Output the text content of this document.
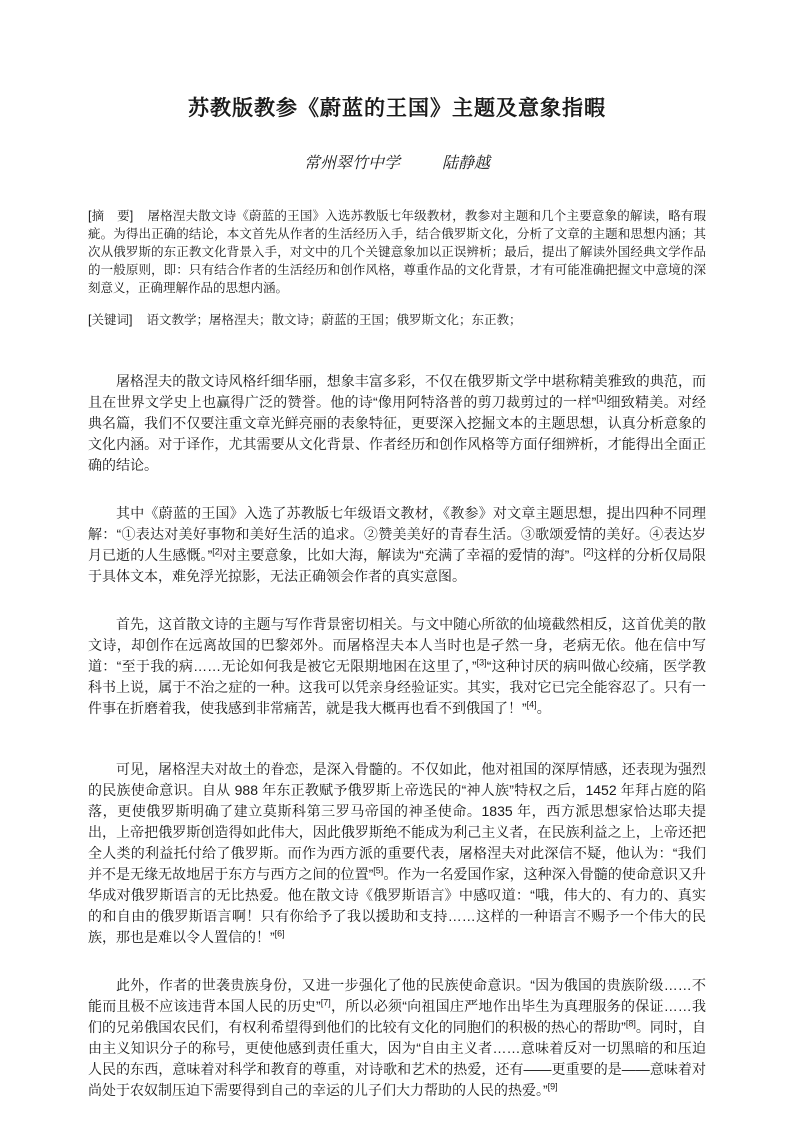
苏教版教参《蔚蓝的王国》主题及意象指暇
常州翠竹中学	陆静越
[摘　要] 屠格涅夫散文诗《蔚蓝的王国》入选苏教版七年级教材，教参对主题和几个主要意象的解读，略有瑕疵。为得出正确的结论，本文首先从作者的生活经历入手，结合俄罗斯文化，分析了文章的主题和思想内涵；其次从俄罗斯的东正教文化背景入手，对文中的几个关键意象加以正误辨析；最后，提出了解读外国经典文学作品的一般原则，即：只有结合作者的生活经历和创作风格，尊重作品的文化背景，才有可能准确把握文中意境的深刻意义，正确理解作品的思想内涵。
[关键词] 语文教学；屠格涅夫；散文诗；蔚蓝的王国；俄罗斯文化；东正教；

屠格涅夫的散文诗风格纤细华丽，想象丰富多彩，不仅在俄罗斯文学中堪称精美雅致的典范，而且在世界文学史上也赢得广泛的赞誉。他的诗“像用阿特洛普的剪刀裁剪过的一样”[1]细致精美。对经典名篇，我们不仅要注重文章光鲜亮丽的表象特征，更要深入挖掘文本的主题思想，认真分析意象的文化内涵。对于译作，尤其需要从文化背景、作者经历和创作风格等方面仔细辨析，才能得出全面正确的结论。

其中《蔚蓝的王国》入选了苏教版七年级语文教材，《教参》对文章主题思想，提出四种不同理解：“①表达对美好事物和美好生活的追求。②赞美美好的青春生活。③歌颂爱情的美好。④表达岁月已逝的人生感慨。”[2]对主要意象，比如大海，解读为“充满了幸福的爱情的海”。[2]这样的分析仅局限于具体文本，难免浮光掠影，无法正确领会作者的真实意图。

首先，这首散文诗的主题与写作背景密切相关。与文中随心所欲的仙境截然相反，这首优美的散文诗，却创作在远离故国的巴黎郊外。而屠格涅夫本人当时也是孑然一身，老病无依。他在信中写道：“至于我的病……无论如何我是被它无限期地困在这里了，”[3]“这种讨厌的病叫做心绞痛，医学教科书上说，属于不治之症的一种。这我可以凭亲身经验证实。其实，我对它已完全能容忍了。只有一件事在折磨着我，使我感到非常痛苦，就是我大概再也看不到俄国了！”[4]。

可见，屠格涅夫对故土的眷恋，是深入骨髓的。不仅如此，他对祖国的深厚情感，还表现为强烈的民族使命意识。自从 988 年东正教赋予俄罗斯上帝选民的“神人族”特权之后，1452 年拜占庭的陷落，更使俄罗斯明确了建立莫斯科第三罗马帝国的神圣使命。1835 年，西方派思想家恰达耶夫提出，上帝把俄罗斯创造得如此伟大，因此俄罗斯绝不能成为利己主义者，在民族利益之上，上帝还把全人类的利益托付给了俄罗斯。而作为西方派的重要代表，屠格涅夫对此深信不疑，他认为：“我们并不是无缘无故地居于东方与西方之间的位置”[5]。作为一名爱国作家，这种深入骨髓的使命意识又升华成对俄罗斯语言的无比热爱。他在散文诗《俄罗斯语言》中感叹道：“哦，伟大的、有力的、真实的和自由的俄罗斯语言啊！只有你给予了我以援助和支持……这样的一种语言不赐予一个伟大的民族，那也是难以令人置信的！”[6]

此外，作者的世袭贵族身份，又进一步强化了他的民族使命意识。“因为俄国的贵族阶级……不能而且极不应该违背本国人民的历史”[7]，所以必须“向祖国庄严地作出毕生为真理服务的保证……我们的兄弟俄国农民们，有权利希望得到他们的比较有文化的同胞们的积极的热心的帮助”[8]。同时，自由主义知识分子的称号，更使他感到责任重大，因为“自由主义者……意味着反对一切黑暗的和压迫人民的东西，意味着对科学和教育的尊重，对诗歌和艺术的热爱，还有——更重要的是——意味着对尚处于农奴制压迫下需要得到自己的幸运的儿子们大力帮助的人民的热爱。”[9]
